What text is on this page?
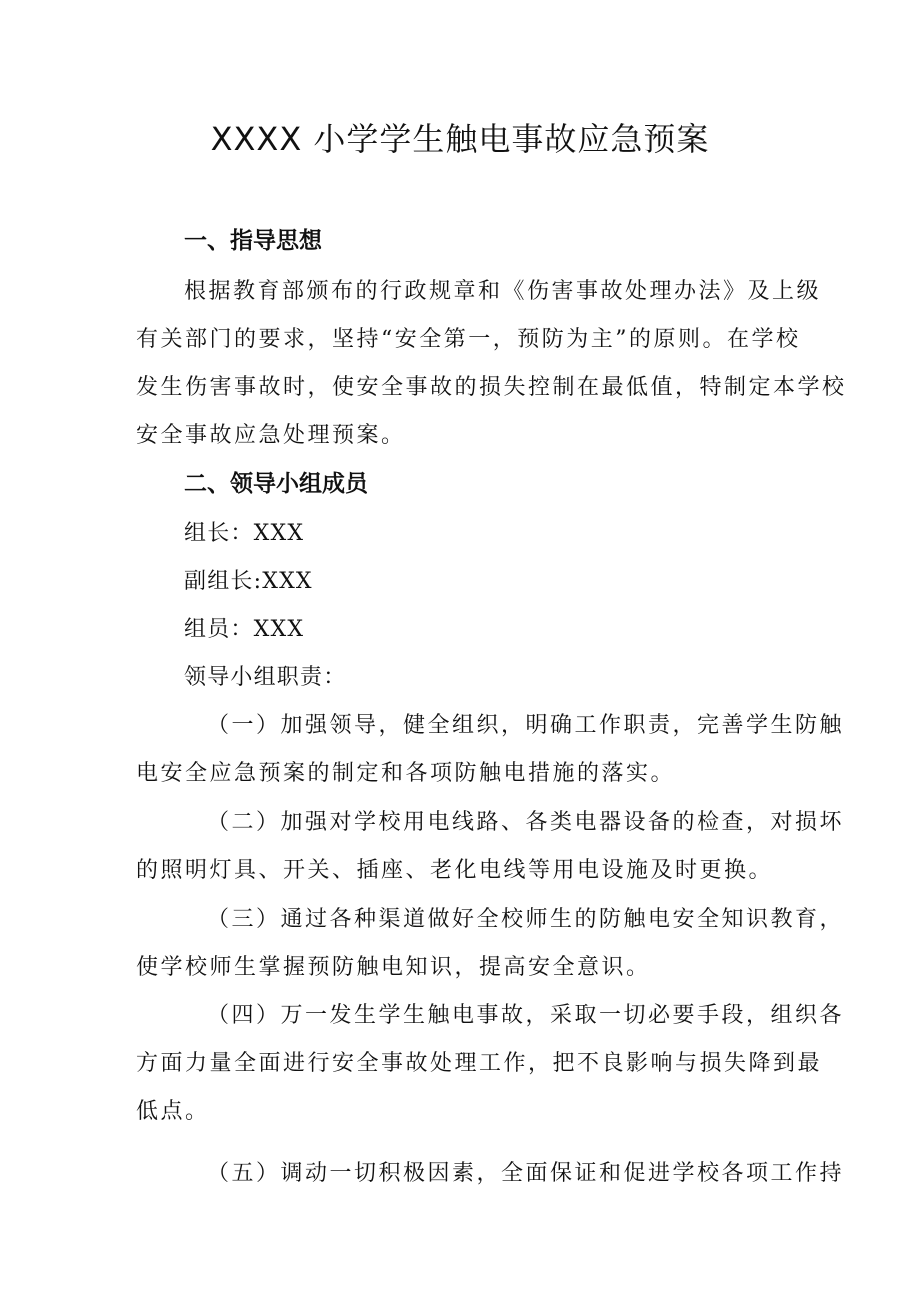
XXXX 小学学生触电事故应急预案
一、指导思想
根据教育部颁布的行政规章和《伤害事故处理办法》及上级
有关部门的要求，坚持“安全第一，预防为主”的原则。在学校
发生伤害事故时，使安全事故的损失控制在最低值，特制定本学校
安全事故应急处理预案。
二、领导小组成员
组长：XXX
副组长:XXX
组员：XXX
领导小组职责：
（一）加强领导，健全组织，明确工作职责，完善学生防触
电安全应急预案的制定和各项防触电措施的落实。
（二）加强对学校用电线路、各类电器设备的检查，对损坏
的照明灯具、开关、插座、老化电线等用电设施及时更换。
（三）通过各种渠道做好全校师生的防触电安全知识教育，
使学校师生掌握预防触电知识，提高安全意识。
（四）万一发生学生触电事故，采取一切必要手段，组织各
方面力量全面进行安全事故处理工作，把不良影响与损失降到最
低点。
（五）调动一切积极因素，全面保证和促进学校各项工作持
